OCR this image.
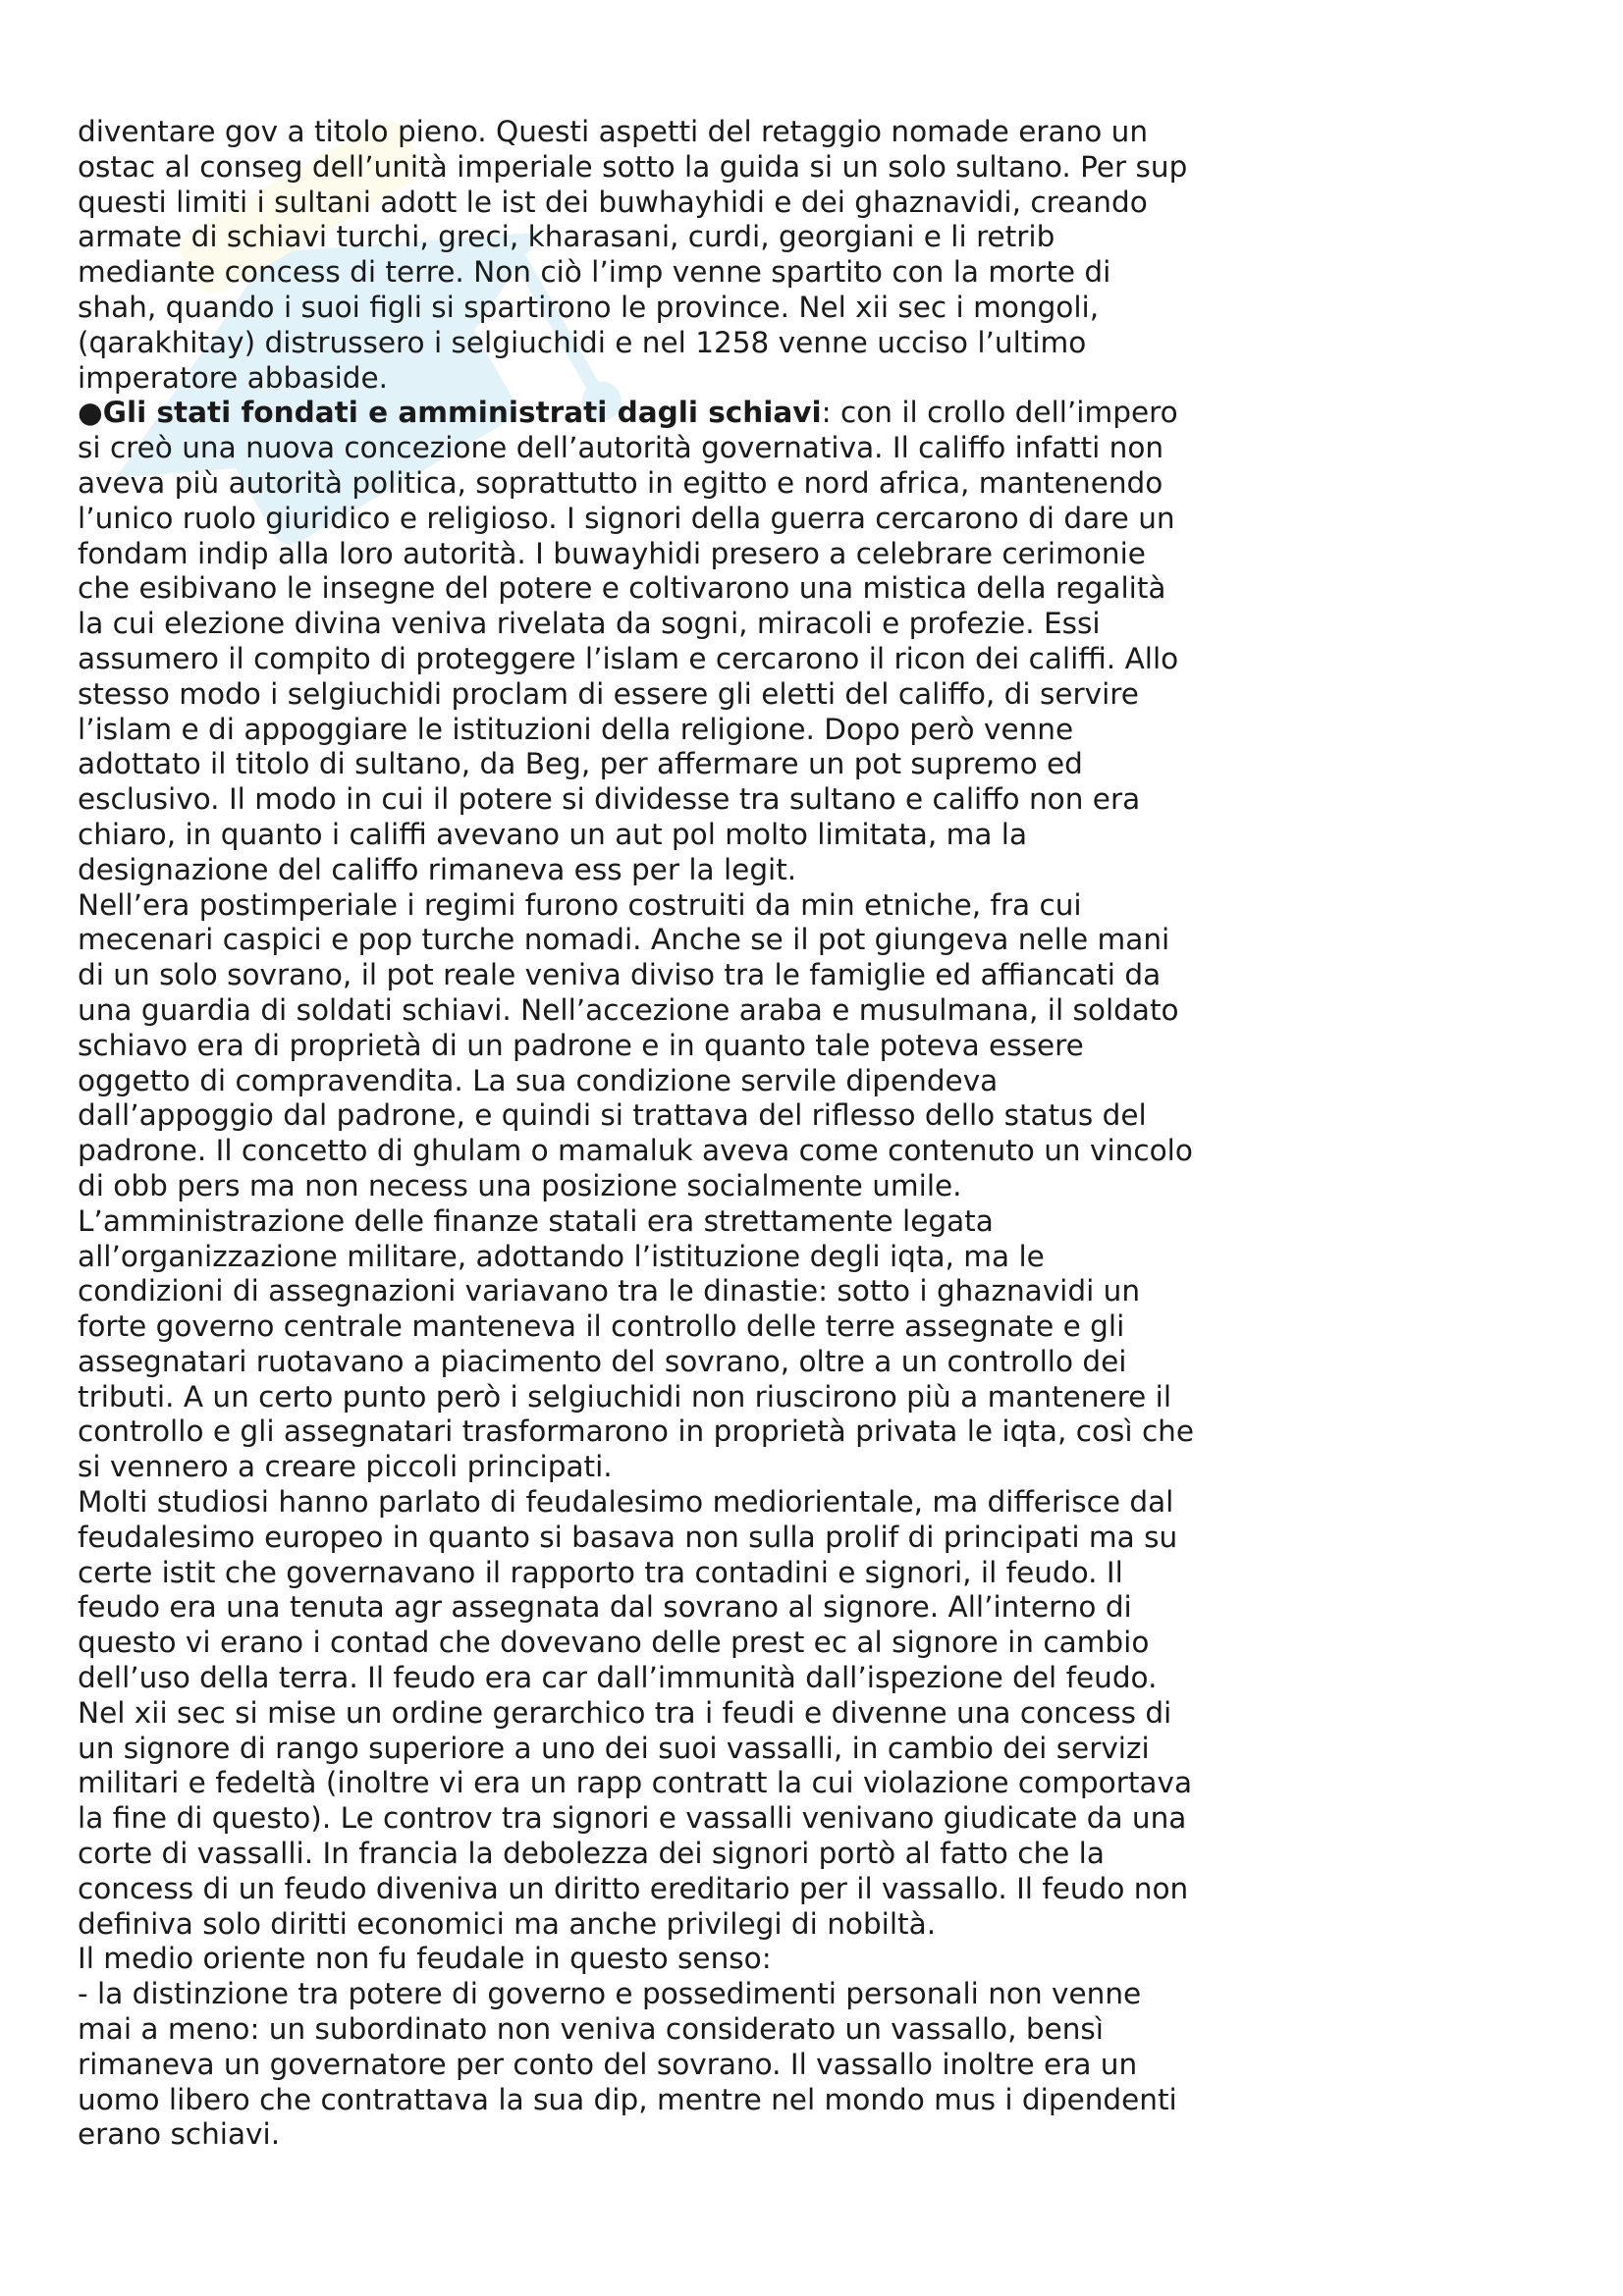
diventare gov a titolo pieno. Questi aspetti del retaggio nomade erano un
ostac al conseg dell’unità imperiale sotto la guida si un solo sultano. Per sup
questi limiti i sultani adott le ist dei buwhayhidi e dei ghaznavidi, creando
armate di schiavi turchi, greci, kharasani, curdi, georgiani e li retrib
mediante concess di terre. Non ciò l’imp venne spartito con la morte di
shah, quando i suoi figli si spartirono le province. Nel xii sec i mongoli,
(qarakhitay) distrussero i selgiuchidi e nel 1258 venne ucciso l’ultimo
imperatore abbaside.
●Gli stati fondati e amministrati dagli schiavi: con il crollo dell’impero
si creò una nuova concezione dell’autorità governativa. Il califfo infatti non
aveva più autorità politica, soprattutto in egitto e nord africa, mantenendo
l’unico ruolo giuridico e religioso. I signori della guerra cercarono di dare un
fondam indip alla loro autorità. I buwayhidi presero a celebrare cerimonie
che esibivano le insegne del potere e coltivarono una mistica della regalità
la cui elezione divina veniva rivelata da sogni, miracoli e profezie. Essi
assumero il compito di proteggere l’islam e cercarono il ricon dei califfi. Allo
stesso modo i selgiuchidi proclam di essere gli eletti del califfo, di servire
l’islam e di appoggiare le istituzioni della religione. Dopo però venne
adottato il titolo di sultano, da Beg, per affermare un pot supremo ed
esclusivo. Il modo in cui il potere si dividesse tra sultano e califfo non era
chiaro, in quanto i califfi avevano un aut pol molto limitata, ma la
designazione del califfo rimaneva ess per la legit.
Nell’era postimperiale i regimi furono costruiti da min etniche, fra cui
mecenari caspici e pop turche nomadi. Anche se il pot giungeva nelle mani
di un solo sovrano, il pot reale veniva diviso tra le famiglie ed affiancati da
una guardia di soldati schiavi. Nell’accezione araba e musulmana, il soldato
schiavo era di proprietà di un padrone e in quanto tale poteva essere
oggetto di compravendita. La sua condizione servile dipendeva
dall’appoggio dal padrone, e quindi si trattava del riflesso dello status del
padrone. Il concetto di ghulam o mamaluk aveva come contenuto un vincolo
di obb pers ma non necess una posizione socialmente umile.
L’amministrazione delle finanze statali era strettamente legata
all’organizzazione militare, adottando l’istituzione degli iqta, ma le
condizioni di assegnazioni variavano tra le dinastie: sotto i ghaznavidi un
forte governo centrale manteneva il controllo delle terre assegnate e gli
assegnatari ruotavano a piacimento del sovrano, oltre a un controllo dei
tributi. A un certo punto però i selgiuchidi non riuscirono più a mantenere il
controllo e gli assegnatari trasformarono in proprietà privata le iqta, così che
si vennero a creare piccoli principati.
Molti studiosi hanno parlato di feudalesimo mediorientale, ma differisce dal
feudalesimo europeo in quanto si basava non sulla prolif di principati ma su
certe istit che governavano il rapporto tra contadini e signori, il feudo. Il
feudo era una tenuta agr assegnata dal sovrano al signore. All’interno di
questo vi erano i contad che dovevano delle prest ec al signore in cambio
dell’uso della terra. Il feudo era car dall’immunità dall’ispezione del feudo.
Nel xii sec si mise un ordine gerarchico tra i feudi e divenne una concess di
un signore di rango superiore a uno dei suoi vassalli, in cambio dei servizi
militari e fedeltà (inoltre vi era un rapp contratt la cui violazione comportava
la fine di questo). Le controv tra signori e vassalli venivano giudicate da una
corte di vassalli. In francia la debolezza dei signori portò al fatto che la
concess di un feudo diveniva un diritto ereditario per il vassallo. Il feudo non
definiva solo diritti economici ma anche privilegi di nobiltà.
Il medio oriente non fu feudale in questo senso:
- la distinzione tra potere di governo e possedimenti personali non venne
mai a meno: un subordinato non veniva considerato un vassallo, bensì
rimaneva un governatore per conto del sovrano. Il vassallo inoltre era un
uomo libero che contrattava la sua dip, mentre nel mondo mus i dipendenti
erano schiavi.
